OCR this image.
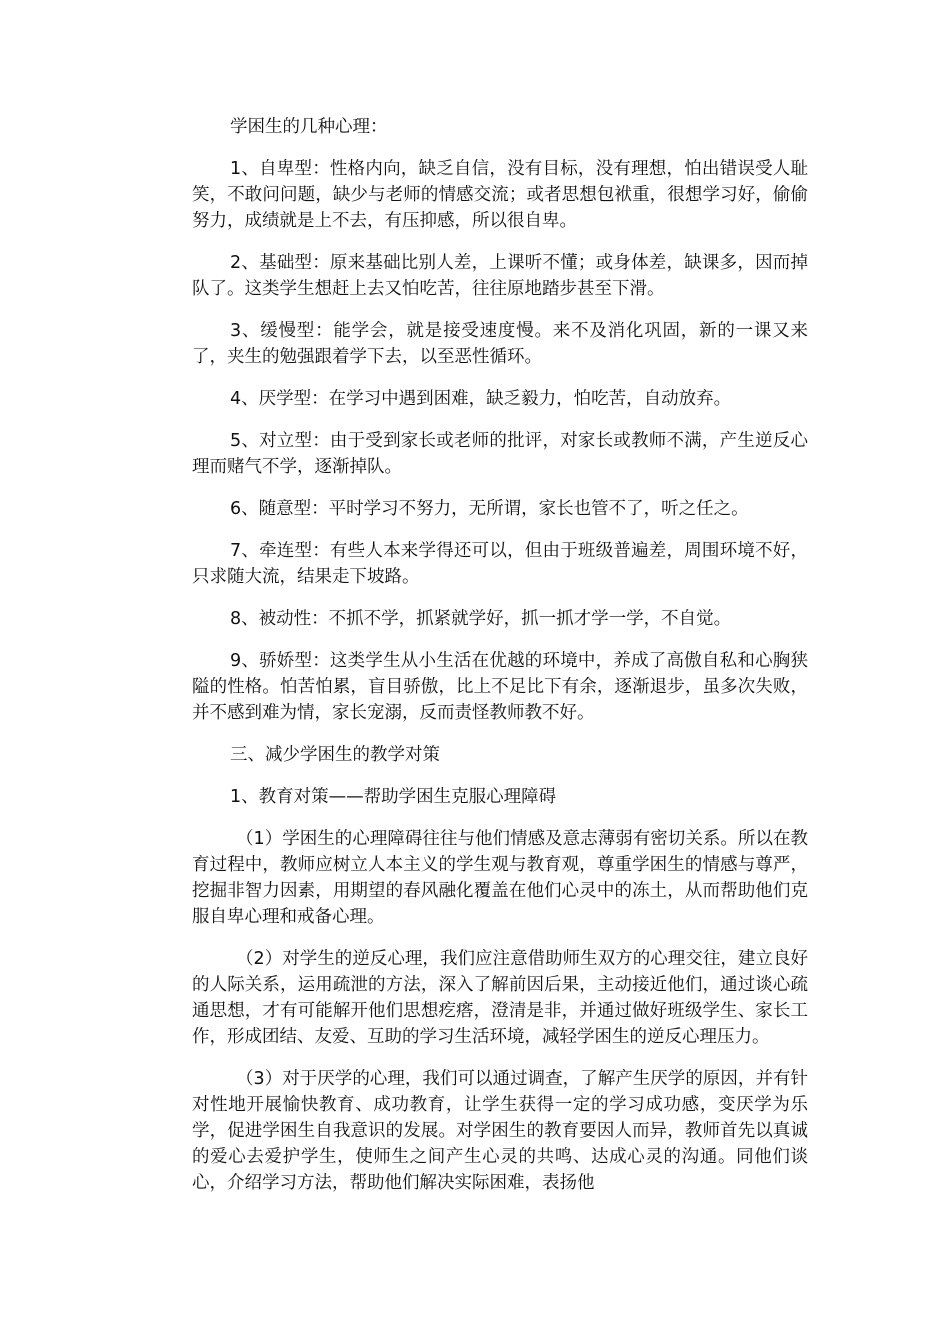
学困生的几种心理：

1、自卑型：性格内向，缺乏自信，没有目标，没有理想，怕出错误受人耻笑，不敢问问题，缺少与老师的情感交流；或者思想包袱重，很想学习好，偷偷努力，成绩就是上不去，有压抑感，所以很自卑。

2、基础型：原来基础比别人差，上课听不懂；或身体差，缺课多，因而掉队了。这类学生想赶上去又怕吃苦，往往原地踏步甚至下滑。

3、缓慢型：能学会，就是接受速度慢。来不及消化巩固，新的一课又来了，夹生的勉强跟着学下去，以至恶性循环。

4、厌学型：在学习中遇到困难，缺乏毅力，怕吃苦，自动放弃。

5、对立型：由于受到家长或老师的批评，对家长或教师不满，产生逆反心理而赌气不学，逐渐掉队。

6、随意型：平时学习不努力，无所谓，家长也管不了，听之任之。

7、牵连型：有些人本来学得还可以，但由于班级普遍差，周围环境不好，只求随大流，结果走下坡路。

8、被动性：不抓不学，抓紧就学好，抓一抓才学一学，不自觉。

9、骄娇型：这类学生从小生活在优越的环境中，养成了高傲自私和心胸狭隘的性格。怕苦怕累，盲目骄傲，比上不足比下有余，逐渐退步，虽多次失败，并不感到难为情，家长宠溺，反而责怪教师教不好。

三、减少学困生的教学对策

1、教育对策——帮助学困生克服心理障碍

（1）学困生的心理障碍往往与他们情感及意志薄弱有密切关系。所以在教育过程中，教师应树立人本主义的学生观与教育观，尊重学困生的情感与尊严，挖掘非智力因素，用期望的春风融化覆盖在他们心灵中的冻土，从而帮助他们克服自卑心理和戒备心理。

（2）对学生的逆反心理，我们应注意借助师生双方的心理交往，建立良好的人际关系，运用疏泄的方法，深入了解前因后果，主动接近他们，通过谈心疏通思想，才有可能解开他们思想疙瘩，澄清是非，并通过做好班级学生、家长工作，形成团结、友爱、互助的学习生活环境，减轻学困生的逆反心理压力。

（3）对于厌学的心理，我们可以通过调查，了解产生厌学的原因，并有针对性地开展愉快教育、成功教育，让学生获得一定的学习成功感，变厌学为乐学，促进学困生自我意识的发展。对学困生的教育要因人而异，教师首先以真诚的爱心去爱护学生，使师生之间产生心灵的共鸣、达成心灵的沟通。同他们谈心，介绍学习方法，帮助他们解决实际困难，表扬他
